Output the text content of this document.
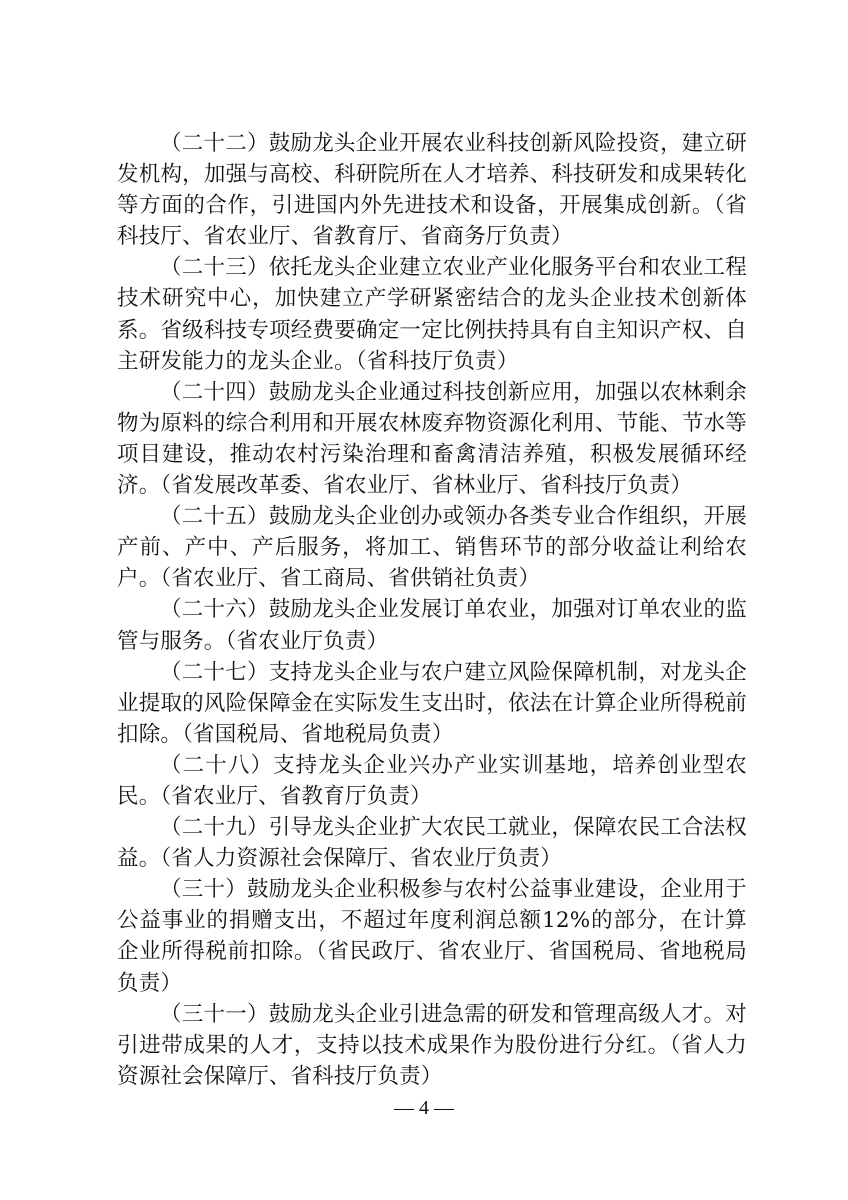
（二十二）鼓励龙头企业开展农业科技创新风险投资，建立研发机构，加强与高校、科研院所在人才培养、科技研发和成果转化等方面的合作，引进国内外先进技术和设备，开展集成创新。（省科技厅、省农业厅、省教育厅、省商务厅负责）

（二十三）依托龙头企业建立农业产业化服务平台和农业工程技术研究中心，加快建立产学研紧密结合的龙头企业技术创新体系。省级科技专项经费要确定一定比例扶持具有自主知识产权、自主研发能力的龙头企业。（省科技厅负责）

（二十四）鼓励龙头企业通过科技创新应用，加强以农林剩余物为原料的综合利用和开展农林废弃物资源化利用、节能、节水等项目建设，推动农村污染治理和畜禽清洁养殖，积极发展循环经济。（省发展改革委、省农业厅、省林业厅、省科技厅负责）

（二十五）鼓励龙头企业创办或领办各类专业合作组织，开展产前、产中、产后服务，将加工、销售环节的部分收益让利给农户。（省农业厅、省工商局、省供销社负责）

（二十六）鼓励龙头企业发展订单农业，加强对订单农业的监管与服务。（省农业厅负责）

（二十七）支持龙头企业与农户建立风险保障机制，对龙头企业提取的风险保障金在实际发生支出时，依法在计算企业所得税前扣除。（省国税局、省地税局负责）

（二十八）支持龙头企业兴办产业实训基地，培养创业型农民。（省农业厅、省教育厅负责）

（二十九）引导龙头企业扩大农民工就业，保障农民工合法权益。（省人力资源社会保障厅、省农业厅负责）

（三十）鼓励龙头企业积极参与农村公益事业建设，企业用于公益事业的捐赠支出，不超过年度利润总额12%的部分，在计算企业所得税前扣除。（省民政厅、省农业厅、省国税局、省地税局负责）

（三十一）鼓励龙头企业引进急需的研发和管理高级人才。对引进带成果的人才，支持以技术成果作为股份进行分红。（省人力资源社会保障厅、省科技厅负责）

— 4 —
